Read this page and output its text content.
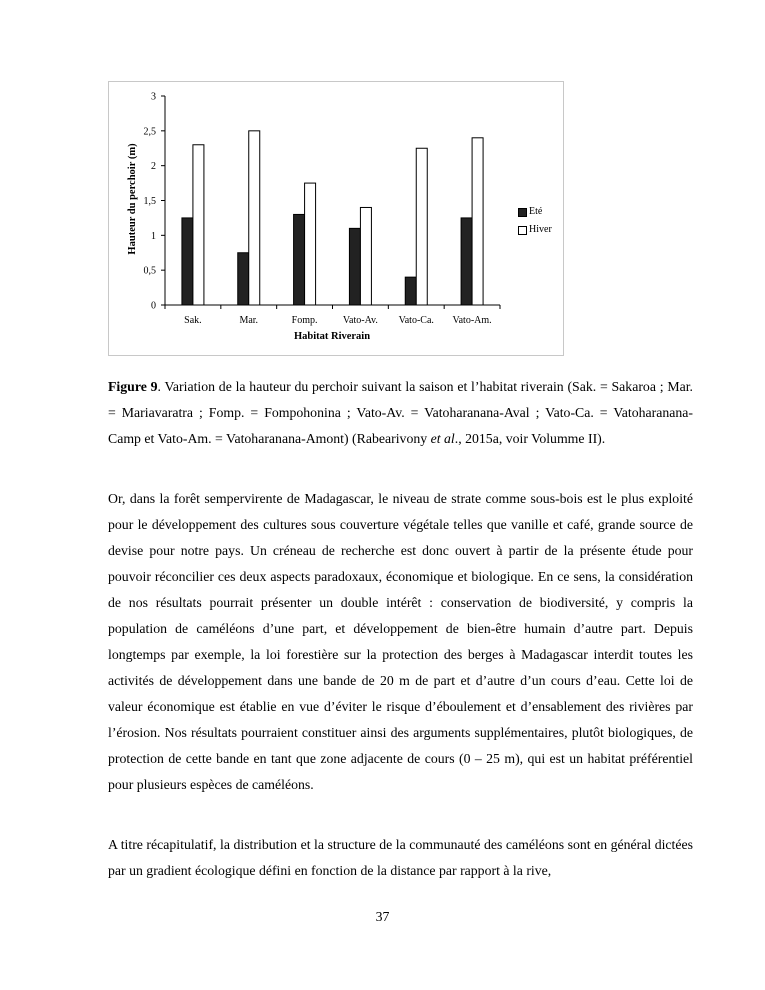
0
0,5
1
1,5
2
2,5
3
Sak.	Mar.	Fomp.	Vato-Av. Vato-Ca. Vato-Am.
Hauteur du perchoir (m)
Habitat Riverain
Eté
Hiver

Figure 9. Variation de la hauteur du perchoir suivant la saison et l’habitat riverain (Sak. = Sakaroa ; Mar. = Mariavaratra ; Fomp. = Fompohonina ; Vato-Av. = Vatoharanana-Aval ; Vato-Ca. = Vatoharanana-Camp et Vato-Am. = Vatoharanana-Amont) (Rabearivony et al., 2015a, voir Volumme II).

Or, dans la forêt sempervirente de Madagascar, le niveau de strate comme sous-bois est le plus exploité pour le développement des cultures sous couverture végétale telles que vanille et café, grande source de devise pour notre pays. Un créneau de recherche est donc ouvert à partir de la présente étude pour pouvoir réconcilier ces deux aspects paradoxaux, économique et biologique. En ce sens, la considération de nos résultats pourrait présenter un double intérêt : conservation de biodiversité, y compris la population de caméléons d’une part, et développement de bien-être humain d’autre part. Depuis longtemps par exemple, la loi forestière sur la protection des berges à Madagascar interdit toutes les activités de développement dans une bande de 20 m de part et d’autre d’un cours d’eau. Cette loi de valeur économique est établie en vue d’éviter le risque d’éboulement et d’ensablement des rivières par l’érosion. Nos résultats pourraient constituer ainsi des arguments supplémentaires, plutôt biologiques, de protection de cette bande en tant que zone adjacente de cours (0 – 25 m), qui est un habitat préférentiel pour plusieurs espèces de caméléons.

A titre récapitulatif, la distribution et la structure de la communauté des caméléons sont en général dictées par un gradient écologique défini en fonction de la distance par rapport à la rive,

37
